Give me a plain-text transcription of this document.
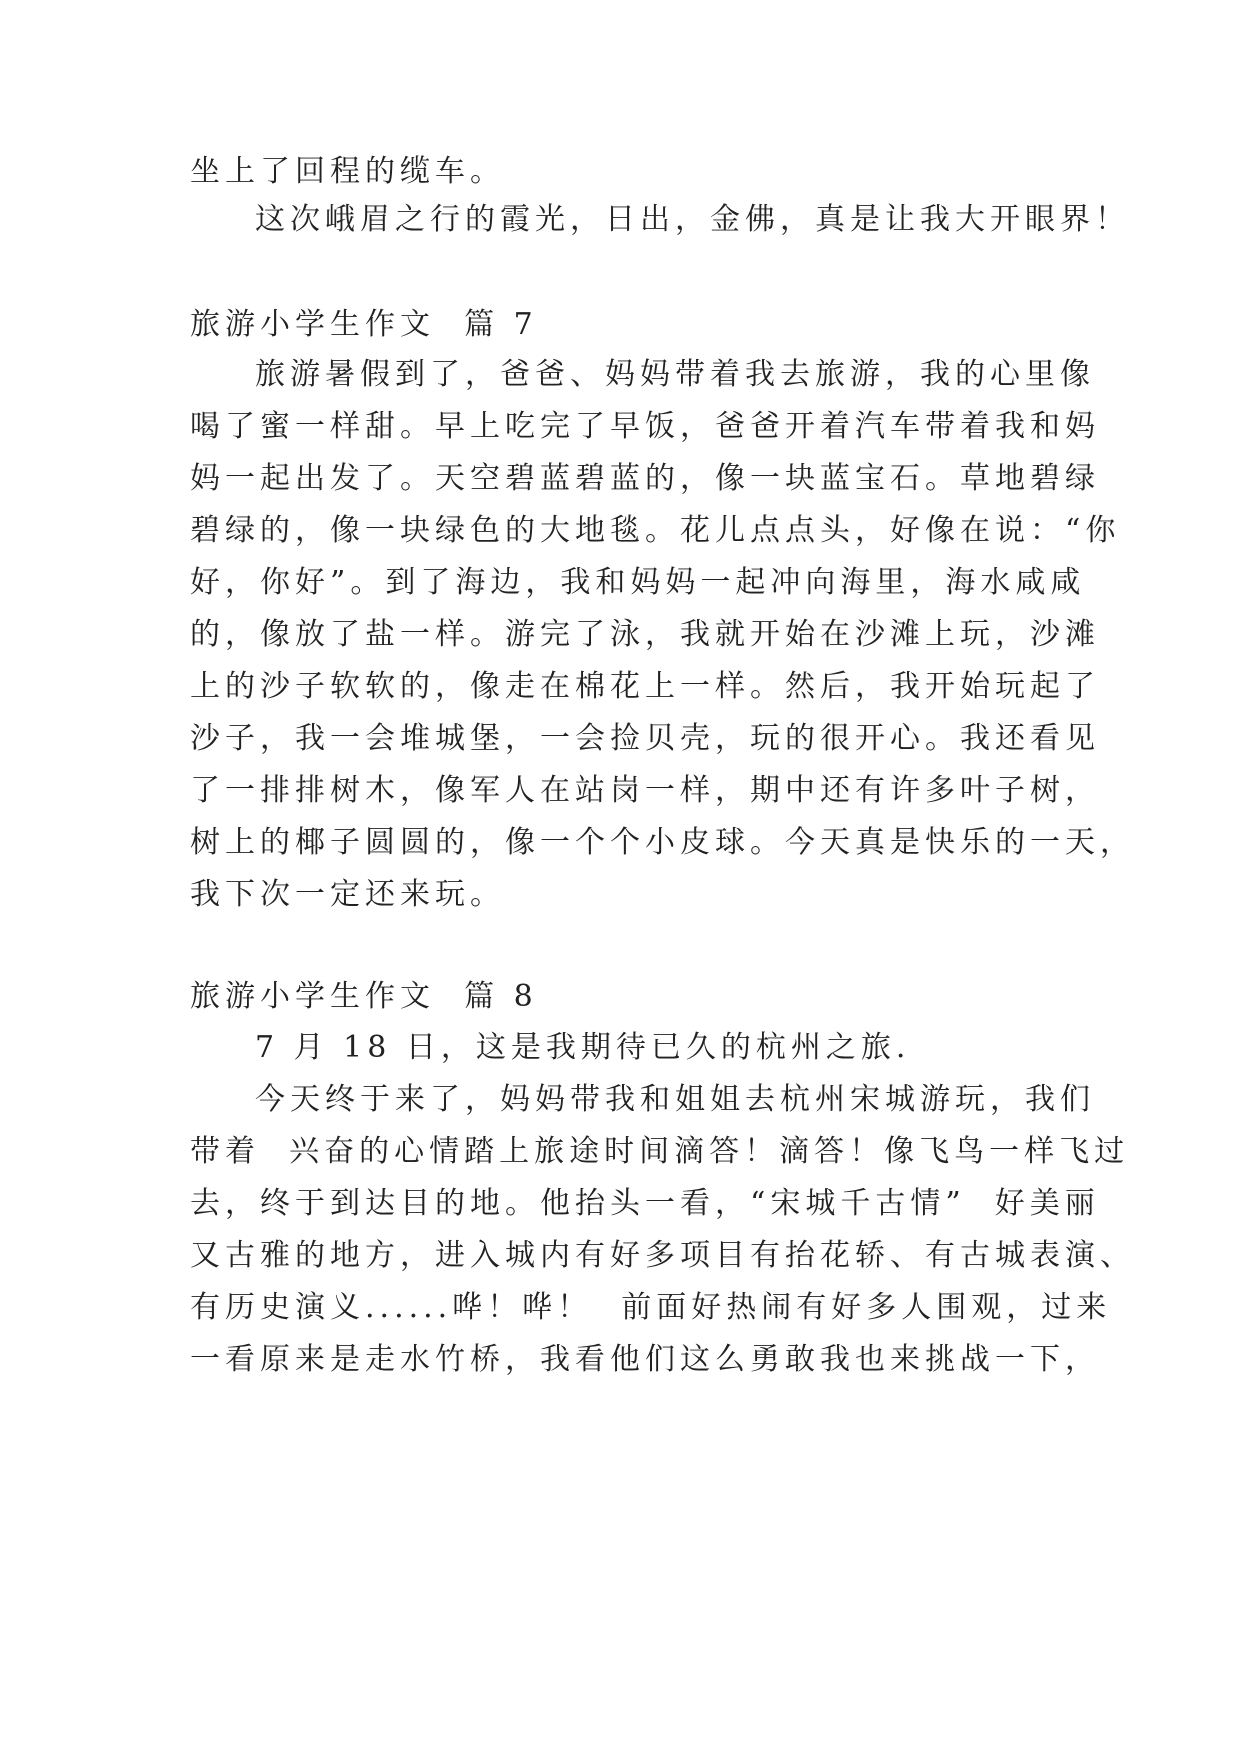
坐上了回程的缆车。
这次峨眉之行的霞光，日出，金佛，真是让我大开眼界！
旅游小学生作文  篇 7
旅游暑假到了，爸爸、妈妈带着我去旅游，我的心里像
喝了蜜一样甜。早上吃完了早饭，爸爸开着汽车带着我和妈
妈一起出发了。天空碧蓝碧蓝的，像一块蓝宝石。草地碧绿
碧绿的，像一块绿色的大地毯。花儿点点头，好像在说：“你
好，你好”。到了海边，我和妈妈一起冲向海里，海水咸咸
的，像放了盐一样。游完了泳，我就开始在沙滩上玩，沙滩
上的沙子软软的，像走在棉花上一样。然后，我开始玩起了
沙子，我一会堆城堡，一会捡贝壳，玩的很开心。我还看见
了一排排树木，像军人在站岗一样，期中还有许多叶子树，
树上的椰子圆圆的，像一个个小皮球。今天真是快乐的一天，
我下次一定还来玩。
旅游小学生作文  篇 8
7 月 18 日，这是我期待已久的杭州之旅.
今天终于来了，妈妈带我和姐姐去杭州宋城游玩，我们
带着  兴奋的心情踏上旅途时间滴答！滴答！像飞鸟一样飞过
去，终于到达目的地。他抬头一看，“宋城千古情”  好美丽
又古雅的地方，进入城内有好多项目有抬花轿、有古城表演、
有历史演义......哗！哗！  前面好热闹有好多人围观，过来
一看原来是走水竹桥，我看他们这么勇敢我也来挑战一下，
